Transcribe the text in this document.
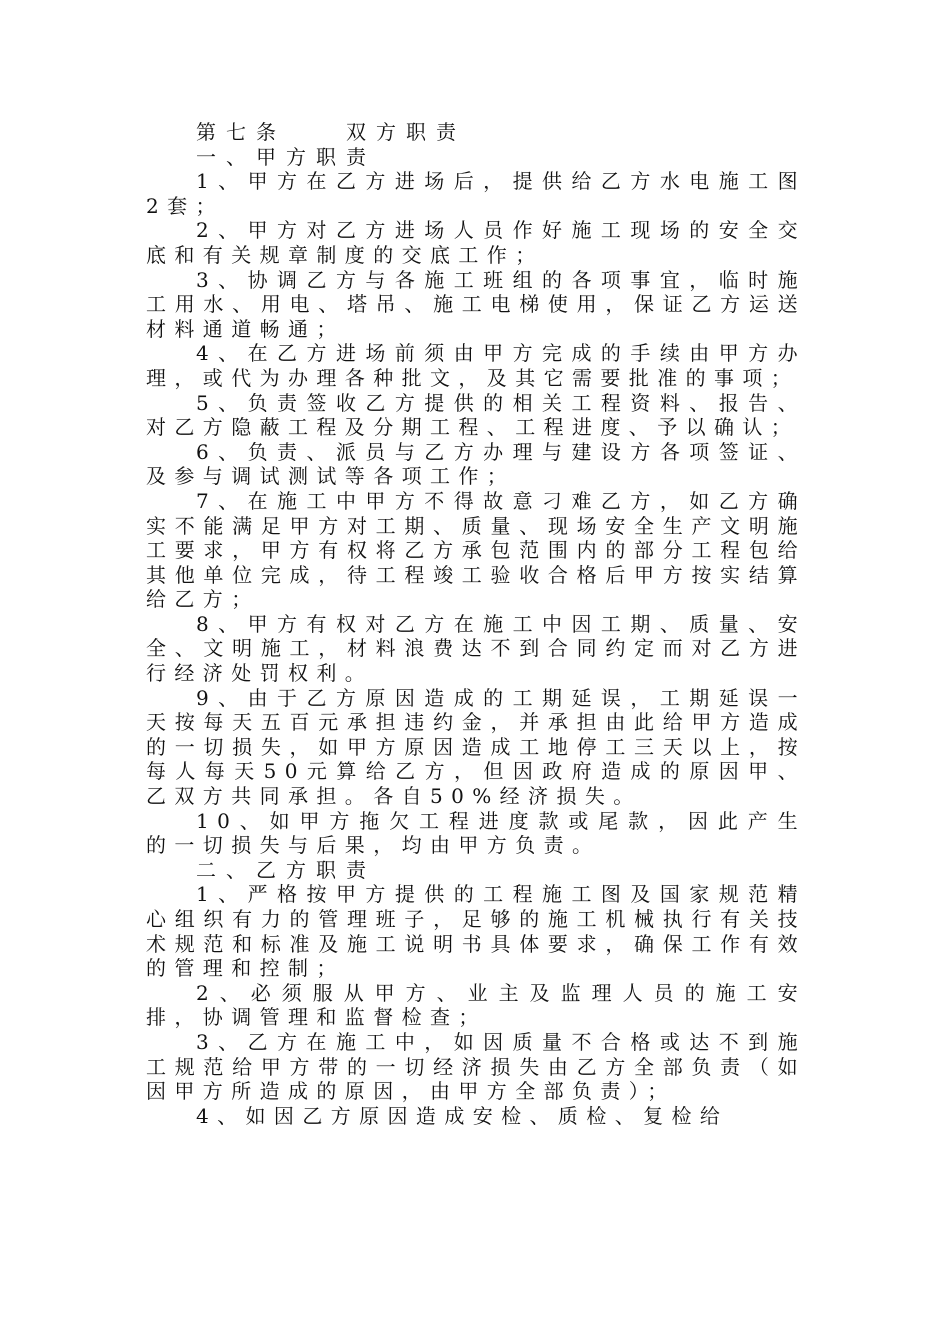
第七条　　双方职责

一、甲方职责

1、甲方在乙方进场后，提供给乙方水电施工图2套；

2、甲方对乙方进场人员作好施工现场的安全交底和有关规章制度的交底工作；

3、协调乙方与各施工班组的各项事宜，临时施工用水、用电、塔吊、施工电梯使用，保证乙方运送材料通道畅通；

4、在乙方进场前须由甲方完成的手续由甲方办理，或代为办理各种批文，及其它需要批准的事项；

5、负责签收乙方提供的相关工程资料、报告、对乙方隐蔽工程及分期工程、工程进度、予以确认；

6、负责、派员与乙方办理与建设方各项签证、及参与调试测试等各项工作；

7、在施工中甲方不得故意刁难乙方，如乙方确实不能满足甲方对工期、质量、现场安全生产文明施工要求，甲方有权将乙方承包范围内的部分工程包给其他单位完成，待工程竣工验收合格后甲方按实结算给乙方；

8、甲方有权对乙方在施工中因工期、质量、安全、文明施工，材料浪费达不到合同约定而对乙方进行经济处罚权利。

9、由于乙方原因造成的工期延误，工期延误一天按每天五百元承担违约金，并承担由此给甲方造成的一切损失，如甲方原因造成工地停工三天以上，按每人每天50元算给乙方，但因政府造成的原因甲、乙双方共同承担。各自50%经济损失。

10、如甲方拖欠工程进度款或尾款，因此产生的一切损失与后果，均由甲方负责。

二、乙方职责

1、严格按甲方提供的工程施工图及国家规范精心组织有力的管理班子，足够的施工机械执行有关技术规范和标准及施工说明书具体要求，确保工作有效的管理和控制；

2、必须服从甲方、业主及监理人员的施工安排，协调管理和监督检查；

3、乙方在施工中，如因质量不合格或达不到施工规范给甲方带的一切经济损失由乙方全部负责（如因甲方所造成的原因，由甲方全部负责）；

4、如因乙方原因造成安检、质检、复检给
